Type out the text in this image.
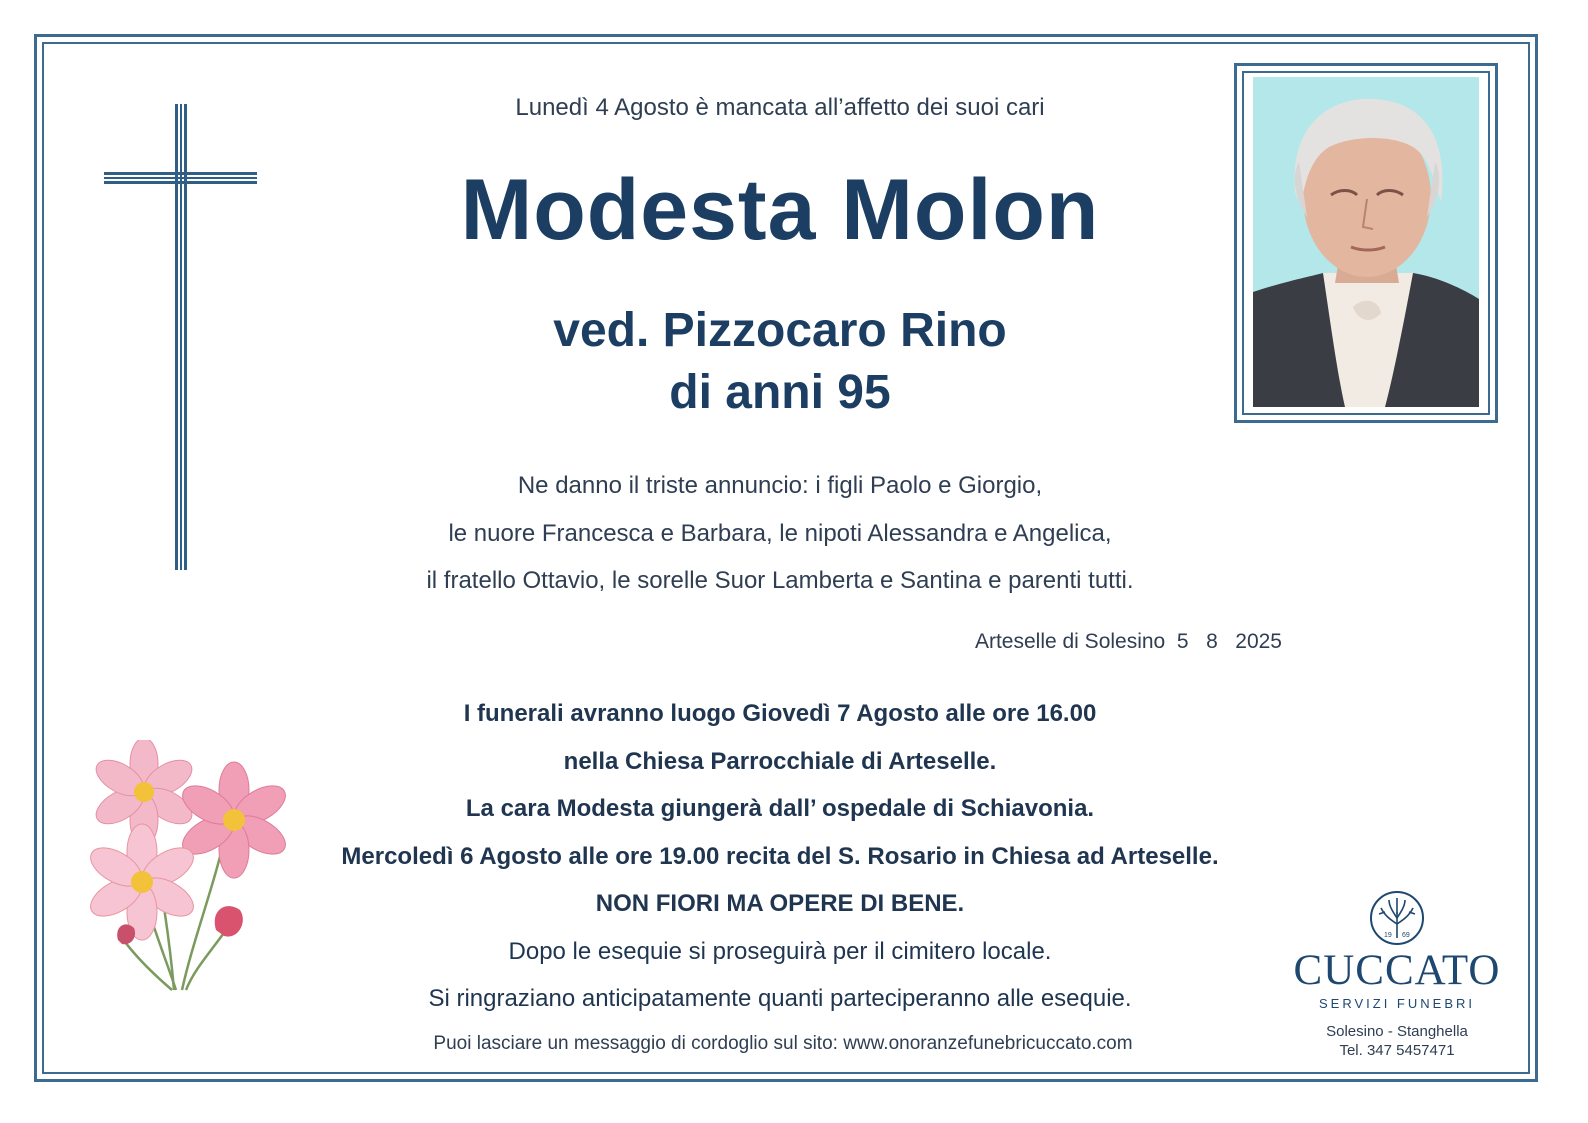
Lunedì 4 Agosto è mancata all’affetto dei suoi cari

Modesta Molon
ved. Pizzocaro Rino
di anni 95
Ne danno il triste annuncio: i figli Paolo e Giorgio,
le nuore Francesca e Barbara, le nipoti Alessandra e Angelica,
il fratello Ottavio, le sorelle Suor Lamberta e Santina e parenti tutti.
Arteselle di Solesino  5   8   2025
I funerali avranno luogo Giovedì 7 Agosto alle ore 16.00
nella Chiesa Parrocchiale di Arteselle.
La cara Modesta giungerà dall’ ospedale di Schiavonia.
Mercoledì 6 Agosto alle ore 19.00 recita del S. Rosario in Chiesa ad Arteselle.
NON FIORI MA OPERE DI BENE.
Dopo le esequie si proseguirà per il cimitero locale.
Si ringraziano anticipatamente quanti parteciperanno alle esequie.

Puoi lasciare un messaggio di cordoglio sul sito: www.onoranzefunebricuccato.com

19 69
CUCCATO
SERVIZI FUNEBRI
Solesino - Stanghella
Tel. 347 5457471
